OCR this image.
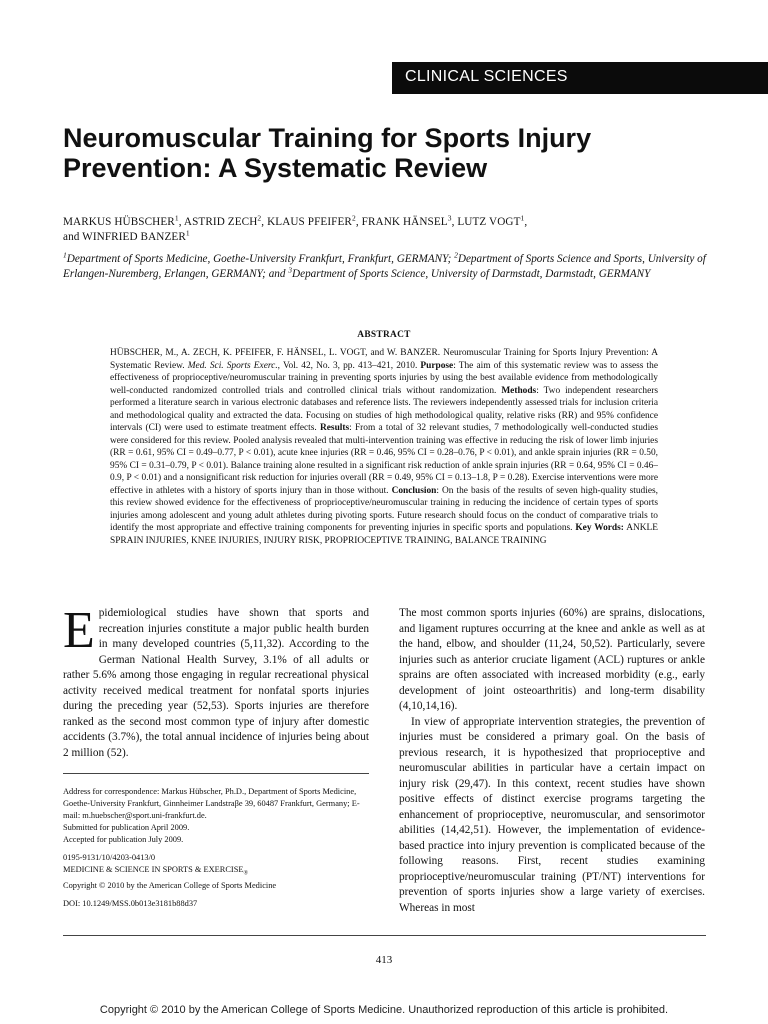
CLINICAL SCIENCES
Neuromuscular Training for Sports Injury
Prevention: A Systematic Review
MARKUS HÜBSCHER$^1$, ASTRID ZECH$^2$, KLAUS PFEIFER$^2$, FRANK HÄNSEL$^3$, LUTZ VOGT$^1$,
and WINFRIED BANZER$^1$
$^1$Department of Sports Medicine, Goethe-University Frankfurt, Frankfurt, GERMANY; $^2$Department of Sports Science and Sports, University of Erlangen-Nuremberg, Erlangen, GERMANY; and $^3$Department of Sports Science, University of Darmstadt, Darmstadt, GERMANY
ABSTRACT
HÜBSCHER, M., A. ZECH, K. PFEIFER, F. HÄNSEL, L. VOGT, and W. BANZER. Neuromuscular Training for Sports Injury Prevention: A Systematic Review. Med. Sci. Sports Exerc., Vol. 42, No. 3, pp. 413–421, 2010. Purpose: The aim of this systematic review was to assess the effectiveness of proprioceptive/neuromuscular training in preventing sports injuries by using the best available evidence from methodologically well-conducted randomized controlled trials and controlled clinical trials without randomization. Methods: Two independent researchers performed a literature search in various electronic databases and reference lists. The reviewers independently assessed trials for inclusion criteria and methodological quality and extracted the data. Focusing on studies of high methodological quality, relative risks (RR) and 95% confidence intervals (CI) were used to estimate treatment effects. Results: From a total of 32 relevant studies, 7 methodologically well-conducted studies were considered for this review. Pooled analysis revealed that multi-intervention training was effective in reducing the risk of lower limb injuries (RR = 0.61, 95% CI = 0.49–0.77, P < 0.01), acute knee injuries (RR = 0.46, 95% CI = 0.28–0.76, P < 0.01), and ankle sprain injuries (RR = 0.50, 95% CI = 0.31–0.79, P < 0.01). Balance training alone resulted in a significant risk reduction of ankle sprain injuries (RR = 0.64, 95% CI = 0.46–0.9, P < 0.01) and a nonsignificant risk reduction for injuries overall (RR = 0.49, 95% CI = 0.13–1.8, P = 0.28). Exercise interventions were more effective in athletes with a history of sports injury than in those without. Conclusion: On the basis of the results of seven high-quality studies, this review showed evidence for the effectiveness of proprioceptive/neuromuscular training in reducing the incidence of certain types of sports injuries among adolescent and young adult athletes during pivoting sports. Future research should focus on the conduct of comparative trials to identify the most appropriate and effective training components for preventing injuries in specific sports and populations. Key Words: ANKLE SPRAIN INJURIES, KNEE INJURIES, INJURY RISK, PROPRIOCEPTIVE TRAINING, BALANCE TRAINING
E pidemiological studies have shown that sports and recreation injuries constitute a major public health burden in many developed countries (5,11,32). According to the German National Health Survey, 3.1% of all adults or rather 5.6% among those engaging in regular recreational physical activity received medical treatment for nonfatal sports injuries during the preceding year (52,53). Sports injuries are therefore ranked as the second most common type of injury after domestic accidents (3.7%), the total annual incidence of injuries being about 2 million (52).

Address for correspondence: Markus Hübscher, Ph.D., Department of Sports Medicine, Goethe-University Frankfurt, Ginnheimer Landstraβe 39, 60487 Frankfurt, Germany; E-mail: m.huebscher@sport.uni-frankfurt.de.

Submitted for publication April 2009.

Accepted for publication July 2009.

0195-9131/10/4203-0413/0

MEDICINE & SCIENCE IN SPORTS & $EXERCISE_®$

Copyright © 2010 by the American College of Sports Medicine

DOI: 10.1249/MSS.0b013e3181b88d37

The most common sports injuries (60%) are sprains, dislocations, and ligament ruptures occurring at the knee and ankle as well as at the hand, elbow, and shoulder (11,24, 50,52). Particularly, severe injuries such as anterior cruciate ligament (ACL) ruptures or ankle sprains are often associated with increased morbidity (e.g., early development of joint osteoarthritis) and long-term disability (4,10,14,16).

In view of appropriate intervention strategies, the prevention of injuries must be considered a primary goal. On the basis of previous research, it is hypothesized that proprioceptive and neuromuscular abilities in particular have a certain impact on injury risk (29,47). In this context, recent studies have shown positive effects of distinct exercise programs targeting the enhancement of proprioceptive, neuromuscular, and sensorimotor abilities (14,42,51). However, the implementation of evidence-based practice into injury prevention is complicated because of the following reasons. First, recent studies examining proprioceptive/neuromuscular training (PT/NT) interventions for prevention of sports injuries show a large variety of exercises. Whereas in most

413
Copyright © 2010 by the American College of Sports Medicine. Unauthorized reproduction of this article is prohibited.
